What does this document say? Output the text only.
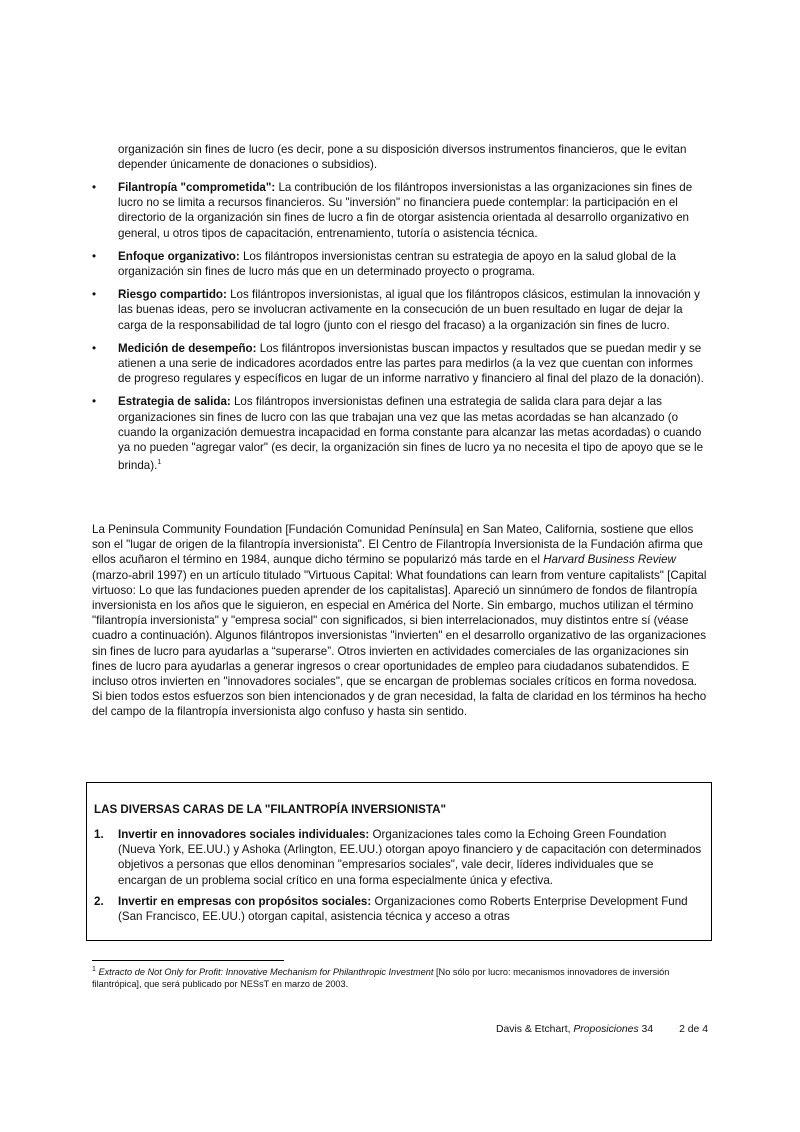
organización sin fines de lucro (es decir, pone a su disposición diversos instrumentos financieros, que le evitan depender únicamente de donaciones o subsidios).

• Filantropía "comprometida": La contribución de los filántropos inversionistas a las organizaciones sin fines de lucro no se limita a recursos financieros. Su "inversión" no financiera puede contemplar: la participación en el directorio de la organización sin fines de lucro a fin de otorgar asistencia orientada al desarrollo organizativo en general, u otros tipos de capacitación, entrenamiento, tutoría o asistencia técnica.
• Enfoque organizativo: Los filántropos inversionistas centran su estrategia de apoyo en la salud global de la organización sin fines de lucro más que en un determinado proyecto o programa.
• Riesgo compartido: Los filántropos inversionistas, al igual que los filántropos clásicos, estimulan la innovación y las buenas ideas, pero se involucran activamente en la consecución de un buen resultado en lugar de dejar la carga de la responsabilidad de tal logro (junto con el riesgo del fracaso) a la organización sin fines de lucro.
• Medición de desempeño: Los filántropos inversionistas buscan impactos y resultados que se puedan medir y se atienen a una serie de indicadores acordados entre las partes para medirlos (a la vez que cuentan con informes de progreso regulares y específicos en lugar de un informe narrativo y financiero al final del plazo de la donación).
• Estrategia de salida: Los filántropos inversionistas definen una estrategia de salida clara para dejar a las organizaciones sin fines de lucro con las que trabajan una vez que las metas acordadas se han alcanzado (o cuando la organización demuestra incapacidad en forma constante para alcanzar las metas acordadas) o cuando ya no pueden "agregar valor" (es decir, la organización sin fines de lucro ya no necesita el tipo de apoyo que se le brinda).$^1$

La Peninsula Community Foundation [Fundación Comunidad Península] en San Mateo, California, sostiene que ellos son el "lugar de origen de la filantropía inversionista". El Centro de Filantropía Inversionista de la Fundación afirma que ellos acuñaron el término en 1984, aunque dicho término se popularizó más tarde en el Harvard Business Review (marzo-abril 1997) en un artículo titulado "Virtuous Capital: What foundations can learn from venture capitalists" [Capital virtuoso: Lo que las fundaciones pueden aprender de los capitalistas]. Apareció un sinnúmero de fondos de filantropía inversionista en los años que le siguieron, en especial en América del Norte. Sin embargo, muchos utilizan el término "filantropía inversionista" y "empresa social" con significados, si bien interrelacionados, muy distintos entre sí (véase cuadro a continuación). Algunos filántropos inversionistas "invierten" en el desarrollo organizativo de las organizaciones sin fines de lucro para ayudarlas a “superarse”. Otros invierten en actividades comerciales de las organizaciones sin fines de lucro para ayudarlas a generar ingresos o crear oportunidades de empleo para ciudadanos subatendidos. E incluso otros invierten en "innovadores sociales", que se encargan de problemas sociales críticos en forma novedosa. Si bien todos estos esfuerzos son bien intencionados y de gran necesidad, la falta de claridad en los términos ha hecho del campo de la filantropía inversionista algo confuso y hasta sin sentido.

LAS DIVERSAS CARAS DE LA "FILANTROPÍA INVERSIONISTA"
1. Invertir en innovadores sociales individuales: Organizaciones tales como la Echoing Green Foundation (Nueva York, EE.UU.) y Ashoka (Arlington, EE.UU.) otorgan apoyo financiero y de capacitación con determinados objetivos a personas que ellos denominan "empresarios sociales", vale decir, líderes individuales que se encargan de un problema social crítico en una forma especialmente única y efectiva.
2. Invertir en empresas con propósitos sociales: Organizaciones como Roberts Enterprise Development Fund (San Francisco, EE.UU.) otorgan capital, asistencia técnica y acceso a otras
$^1$ Extracto de Not Only for Profit: Innovative Mechanism for Philanthropic Investment [No sólo por lucro: mecanismos innovadores de inversión filantrópica], que será publicado por NESsT en marzo de 2003.
Davis & Etchart, Proposiciones 34	2 de 4
